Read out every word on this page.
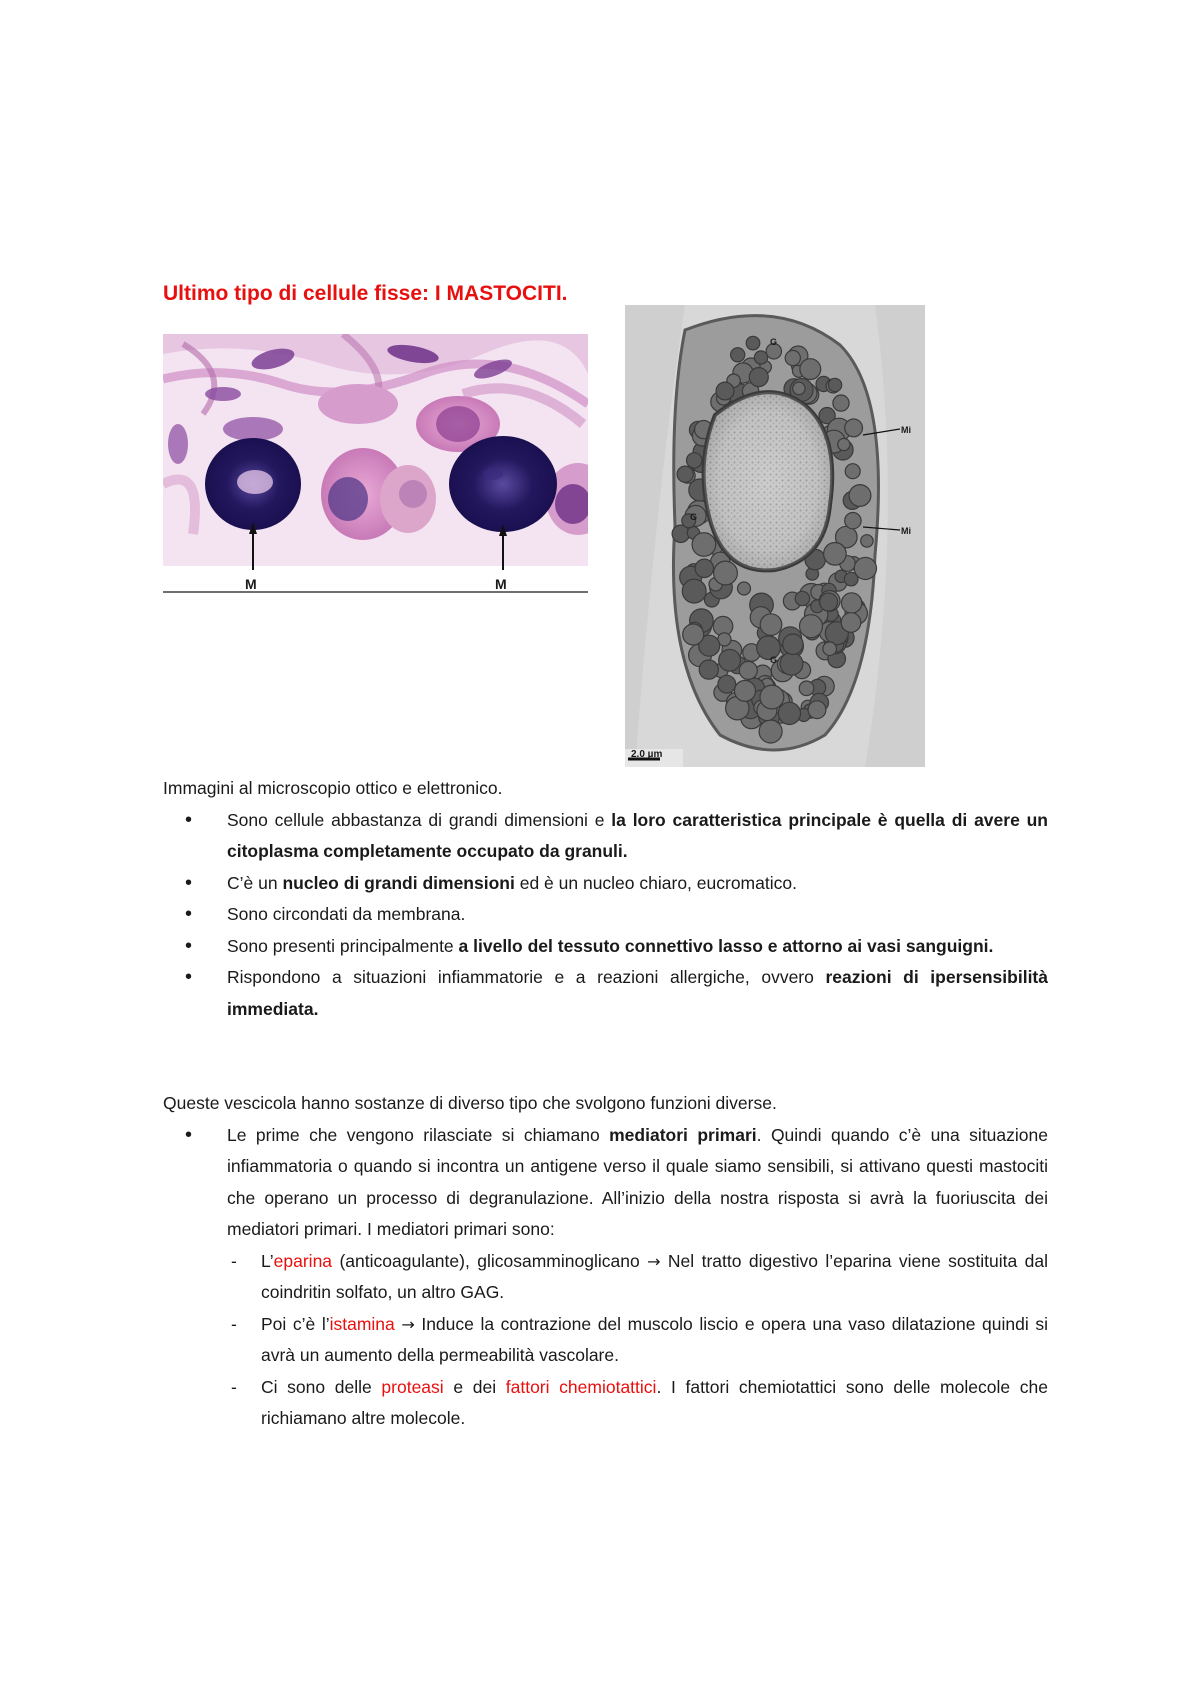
Ultimo tipo di cellule fisse: I MASTOCITI.
M	M
G
G
G
Mi
Mi
2.0 µm
Immagini al microscopio ottico e elettronico.
• Sono cellule abbastanza di grandi dimensioni e la loro caratteristica principale è quella di avere un citoplasma completamente occupato da granuli.
• C’è un nucleo di grandi dimensioni ed è un nucleo chiaro, eucromatico.
• Sono circondati da membrana.
• Sono presenti principalmente a livello del tessuto connettivo lasso e attorno ai vasi sanguigni.
• Rispondono a situazioni infiammatorie e a reazioni allergiche, ovvero reazioni di ipersensibilità immediata.
Queste vescicola hanno sostanze di diverso tipo che svolgono funzioni diverse.
• Le prime che vengono rilasciate si chiamano mediatori primari. Quindi quando c’è una situazione infiammatoria o quando si incontra un antigene verso il quale siamo sensibili, si attivano questi mastociti che operano un processo di degranulazione. All’inizio della nostra risposta si avrà la fuoriuscita dei mediatori primari. I mediatori primari sono:
- L’eparina (anticoagulante), glicosamminoglicano → Nel tratto digestivo l’eparina viene sostituita dal coindritin solfato, un altro GAG.
- Poi c’è l’istamina → Induce la contrazione del muscolo liscio e opera una vaso dilatazione quindi si avrà un aumento della permeabilità vascolare.
- Ci sono delle proteasi e dei fattori chemiotattici. I fattori chemiotattici sono delle molecole che richiamano altre molecole.
